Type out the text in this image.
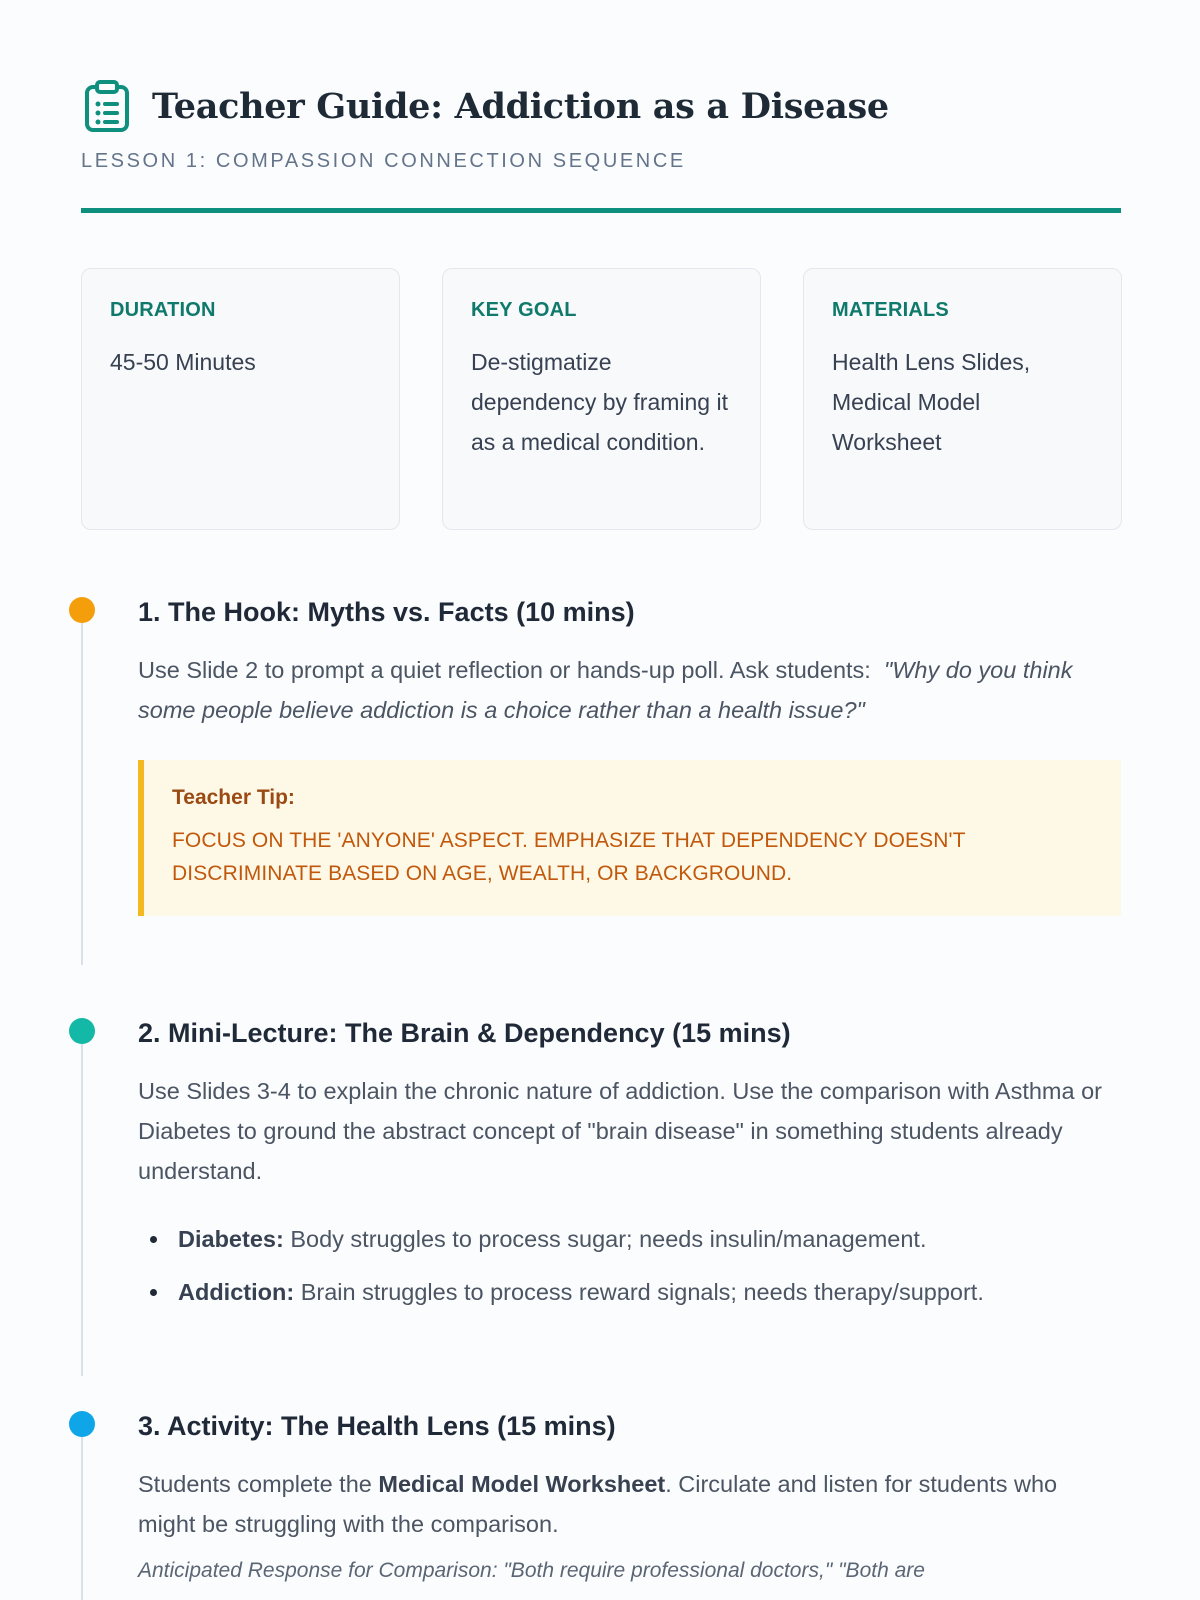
Teacher Guide: Addiction as a Disease
LESSON 1: COMPASSION CONNECTION SEQUENCE
DURATION
45-50 Minutes
KEY GOAL
De-stigmatize dependency by framing it as a medical condition.
MATERIALS
Health Lens Slides, Medical Model Worksheet
1. The Hook: Myths vs. Facts (10 mins)

Use Slide 2 to prompt a quiet reflection or hands-up poll. Ask students: "Why do you think some people believe addiction is a choice rather than a health issue?"

Teacher Tip:
FOCUS ON THE 'ANYONE' ASPECT. EMPHASIZE THAT DEPENDENCY DOESN'T DISCRIMINATE BASED ON AGE, WEALTH, OR BACKGROUND.
2. Mini-Lecture: The Brain & Dependency (15 mins)

Use Slides 3-4 to explain the chronic nature of addiction. Use the comparison with Asthma or Diabetes to ground the abstract concept of "brain disease" in something students already understand.

Diabetes: Body struggles to process sugar; needs insulin/management.
Addiction: Brain struggles to process reward signals; needs therapy/support.
3. Activity: The Health Lens (15 mins)

Students complete the Medical Model Worksheet. Circulate and listen for students who might be struggling with the comparison.

Anticipated Response for Comparison: "Both require professional doctors," "Both are
